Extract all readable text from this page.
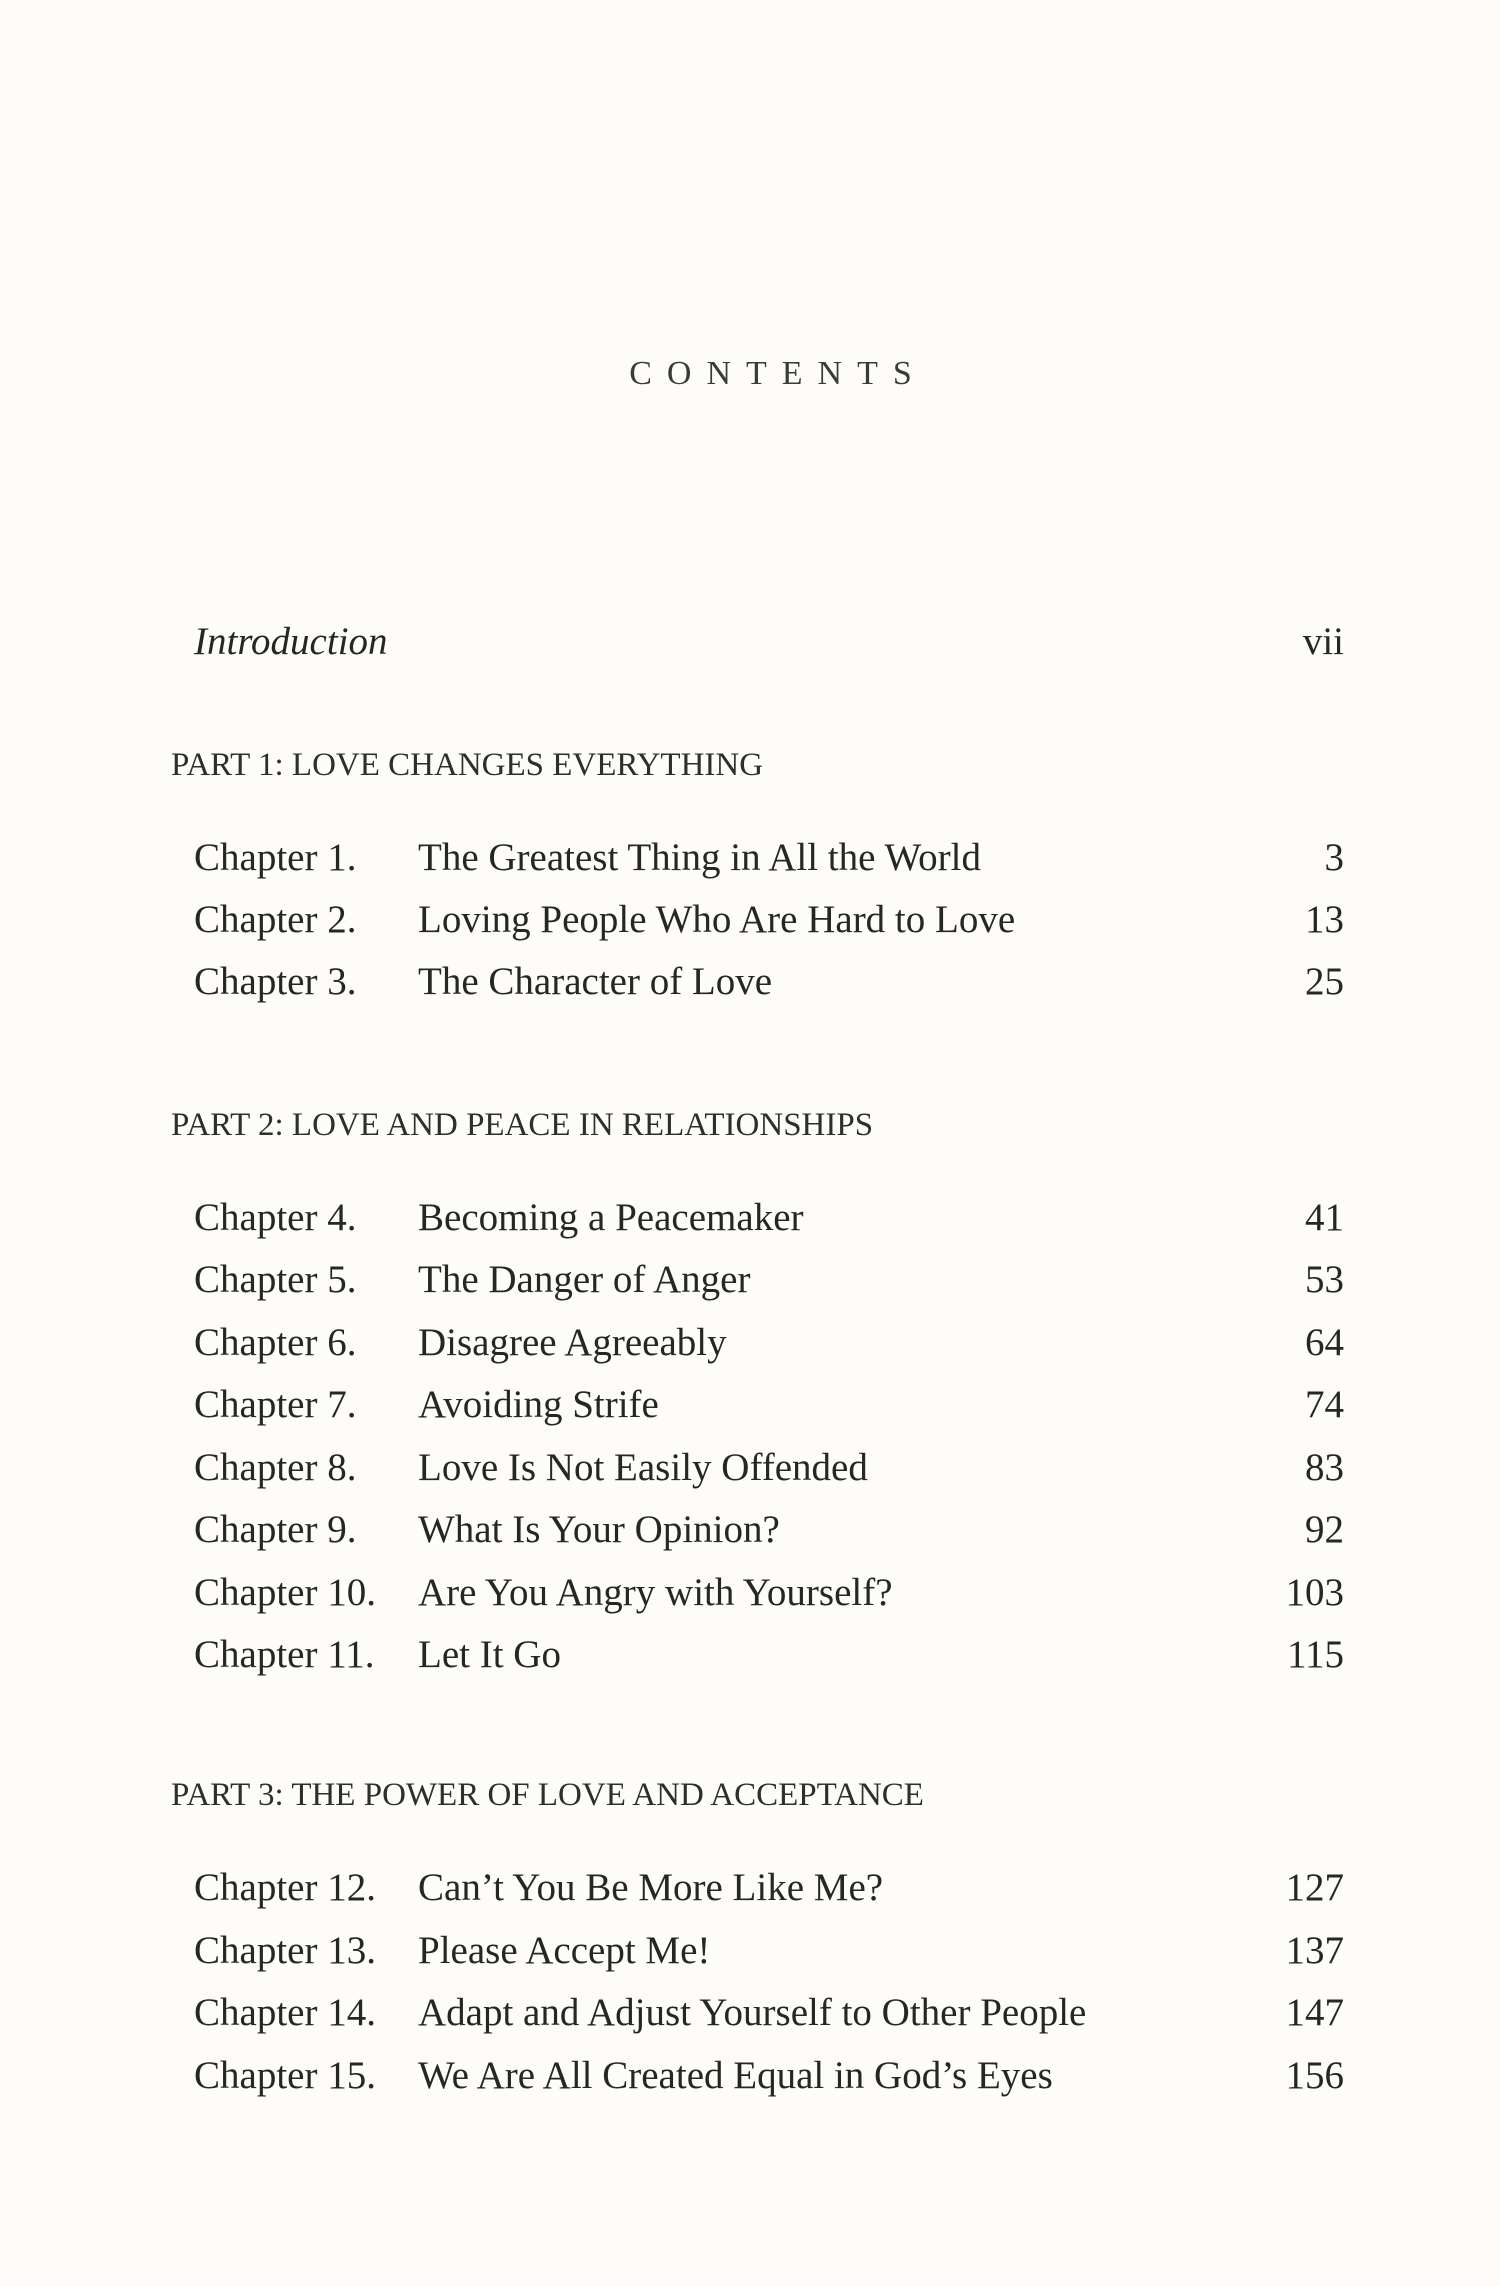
CONTENTS
Introduction	vii
PART 1: LOVE CHANGES EVERYTHING
Chapter 1. The Greatest Thing in All the World	3
Chapter 2. Loving People Who Are Hard to Love	13
Chapter 3. The Character of Love	25
PART 2: LOVE AND PEACE IN RELATIONSHIPS
Chapter 4. Becoming a Peacemaker	41
Chapter 5. The Danger of Anger	53
Chapter 6. Disagree Agreeably	64
Chapter 7. Avoiding Strife	74
Chapter 8. Love Is Not Easily Offended	83
Chapter 9. What Is Your Opinion?	92
Chapter 10. Are You Angry with Yourself?	103
Chapter 11. Let It Go	115
PART 3: THE POWER OF LOVE AND ACCEPTANCE
Chapter 12. Can’t You Be More Like Me?	127
Chapter 13. Please Accept Me!	137
Chapter 14. Adapt and Adjust Yourself to Other People	147
Chapter 15. We Are All Created Equal in God’s Eyes	156
